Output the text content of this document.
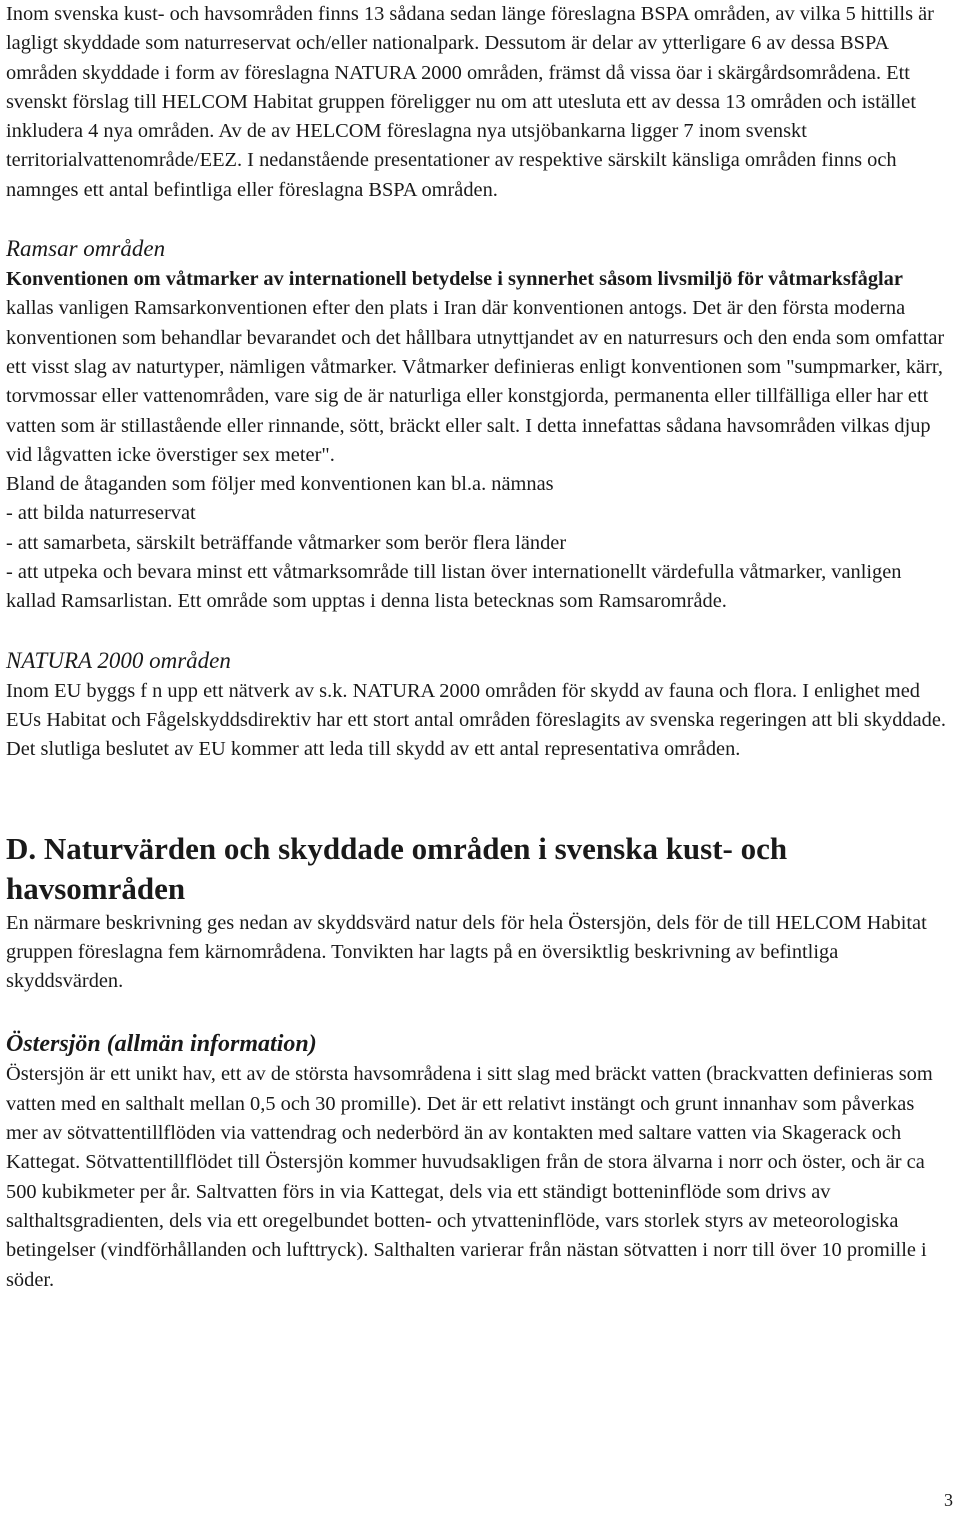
Inom svenska kust- och havsområden finns 13 sådana sedan länge föreslagna BSPA områden, av vilka 5 hittills är lagligt skyddade som naturreservat och/eller nationalpark. Dessutom är delar av ytterligare 6 av dessa BSPA områden skyddade i form av föreslagna NATURA 2000 områden, främst då vissa öar i skärgårdsområdena. Ett svenskt förslag till HELCOM Habitat gruppen föreligger nu om att utesluta ett av dessa 13 områden och istället inkludera 4 nya områden. Av de av HELCOM föreslagna nya utsjöbankarna ligger 7 inom svenskt territorialvattenområde/EEZ. I nedanstående presentationer av respektive särskilt känsliga områden finns och namnges ett antal befintliga eller föreslagna BSPA områden.

Ramsar områden

Konventionen om våtmarker av internationell betydelse i synnerhet såsom livsmiljö för våtmarksfåglar kallas vanligen Ramsarkonventionen efter den plats i Iran där konventionen antogs. Det är den första moderna konventionen som behandlar bevarandet och det hållbara utnyttjandet av en naturresurs och den enda som omfattar ett visst slag av naturtyper, nämligen våtmarker. Våtmarker definieras enligt konventionen som "sumpmarker, kärr, torvmossar eller vattenområden, vare sig de är naturliga eller konstgjorda, permanenta eller tillfälliga eller har ett vatten som är stillastående eller rinnande, sött, bräckt eller salt. I detta innefattas sådana havsområden vilkas djup vid lågvatten icke överstiger sex meter".

Bland de åtaganden som följer med konventionen kan bl.a. nämnas

- att bilda naturreservat

- att samarbeta, särskilt beträffande våtmarker som berör flera länder

- att utpeka och bevara minst ett våtmarksområde till listan över internationellt värdefulla våtmarker, vanligen kallad Ramsarlistan. Ett område som upptas i denna lista betecknas som Ramsarområde.

NATURA 2000 områden

Inom EU byggs f n upp ett nätverk av s.k. NATURA 2000 områden för skydd av fauna och flora. I enlighet med EUs Habitat och Fågelskyddsdirektiv har ett stort antal områden föreslagits av svenska regeringen att bli skyddade. Det slutliga beslutet av EU kommer att leda till skydd av ett antal representativa områden.

D. Naturvärden och skyddade områden i svenska kust- och havsområden

En närmare beskrivning ges nedan av skyddsvärd natur dels för hela Östersjön, dels för de till HELCOM Habitat gruppen föreslagna fem kärnområdena. Tonvikten har lagts på en översiktlig beskrivning av befintliga skyddsvärden.

Östersjön (allmän information)

Östersjön är ett unikt hav, ett av de största havsområdena i sitt slag med bräckt vatten (brackvatten definieras som vatten med en salthalt mellan 0,5 och 30 promille). Det är ett relativt instängt och grunt innanhav som påverkas mer av sötvattentillflöden via vattendrag och nederbörd än av kontakten med saltare vatten via Skagerack och Kattegat. Sötvattentillflödet till Östersjön kommer huvudsakligen från de stora älvarna i norr och öster, och är ca 500 kubikmeter per år. Saltvatten förs in via Kattegat, dels via ett ständigt botteninflöde som drivs av salthaltsgradienten, dels via ett oregelbundet botten- och ytvatteninflöde, vars storlek styrs av meteorologiska betingelser (vindförhållanden och lufttryck). Salthalten varierar från nästan sötvatten i norr till över 10 promille i söder.

3
